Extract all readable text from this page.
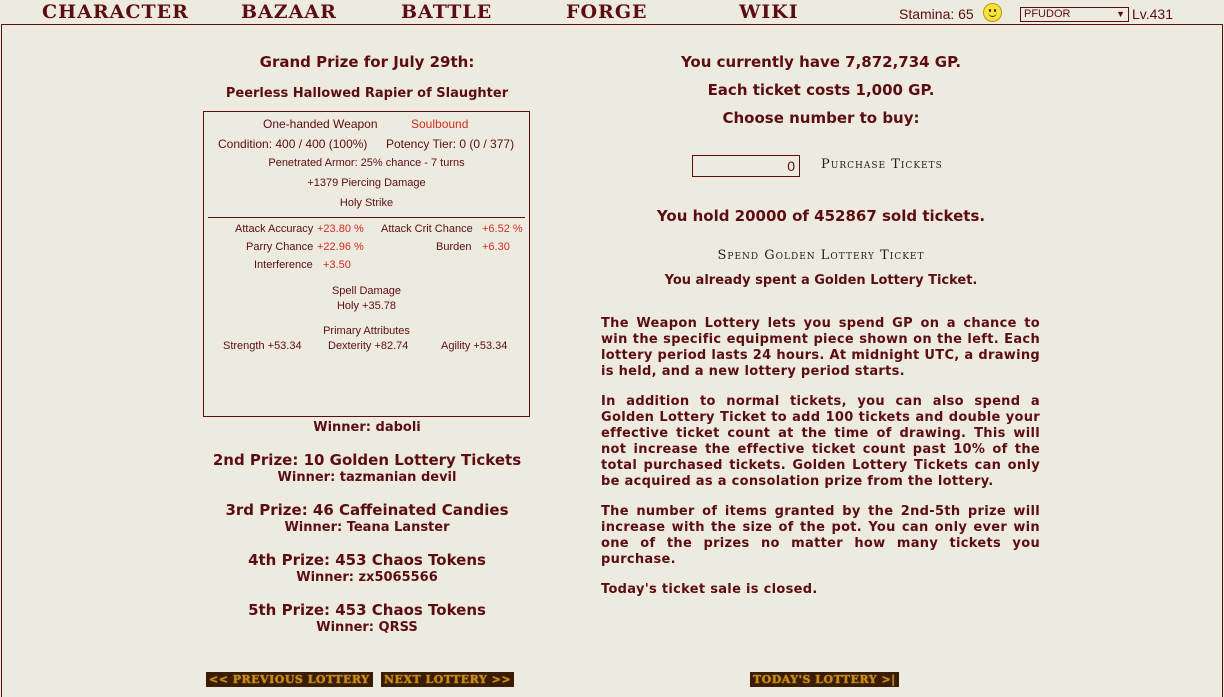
CHARACTER	BAZAAR	BATTLE	FORGE	WIKI	Stamina: 65	PFUDOR	▼ Lv.431
Grand Prize for July 29th:
Peerless Hallowed Rapier of Slaughter
One-handed Weapon	Soulbound
Condition: 400 / 400 (100%) Potency Tier: 0 (0 / 377)
Penetrated Armor: 25% chance - 7 turns
+1379 Piercing Damage
Holy Strike
Attack Accuracy +23.80 % Attack Crit Chance +6.52 %
Parry Chance +22.96 %	Burden +6.30
Interference +3.50
Spell Damage
Holy +35.78
Primary Attributes
Strength +53.34 Dexterity +82.74	Agility +53.34
Winner: daboli
2nd Prize: 10 Golden Lottery Tickets
Winner: tazmanian devil
3rd Prize: 46 Caffeinated Candies
Winner: Teana Lanster
4th Prize: 453 Chaos Tokens
Winner: zx5065566
5th Prize: 453 Chaos Tokens
Winner: QRSS
You currently have 7,872,734 GP.
Each ticket costs 1,000 GP.
Choose number to buy:
0	Purchase Tickets
You hold 20000 of 452867 sold tickets.
Spend Golden Lottery Ticket
You already spent a Golden Lottery Ticket.
The Weapon Lottery lets you spend GP on a chance to win the specific equipment piece shown on the left. Each lottery period lasts 24 hours. At midnight UTC, a drawing is held, and a new lottery period starts.
In addition to normal tickets, you can also spend a Golden Lottery Ticket to add 100 tickets and double your effective ticket count at the time of drawing. This will not increase the effective ticket count past 10% of the total purchased tickets. Golden Lottery Tickets can only be acquired as a consolation prize from the lottery.
The number of items granted by the 2nd-5th prize will increase with the size of the pot. You can only ever win one of the prizes no matter how many tickets you purchase.
Today's ticket sale is closed.
<< PREVIOUS LOTTERY NEXT LOTTERY >>	TODAY'S LOTTERY >|
